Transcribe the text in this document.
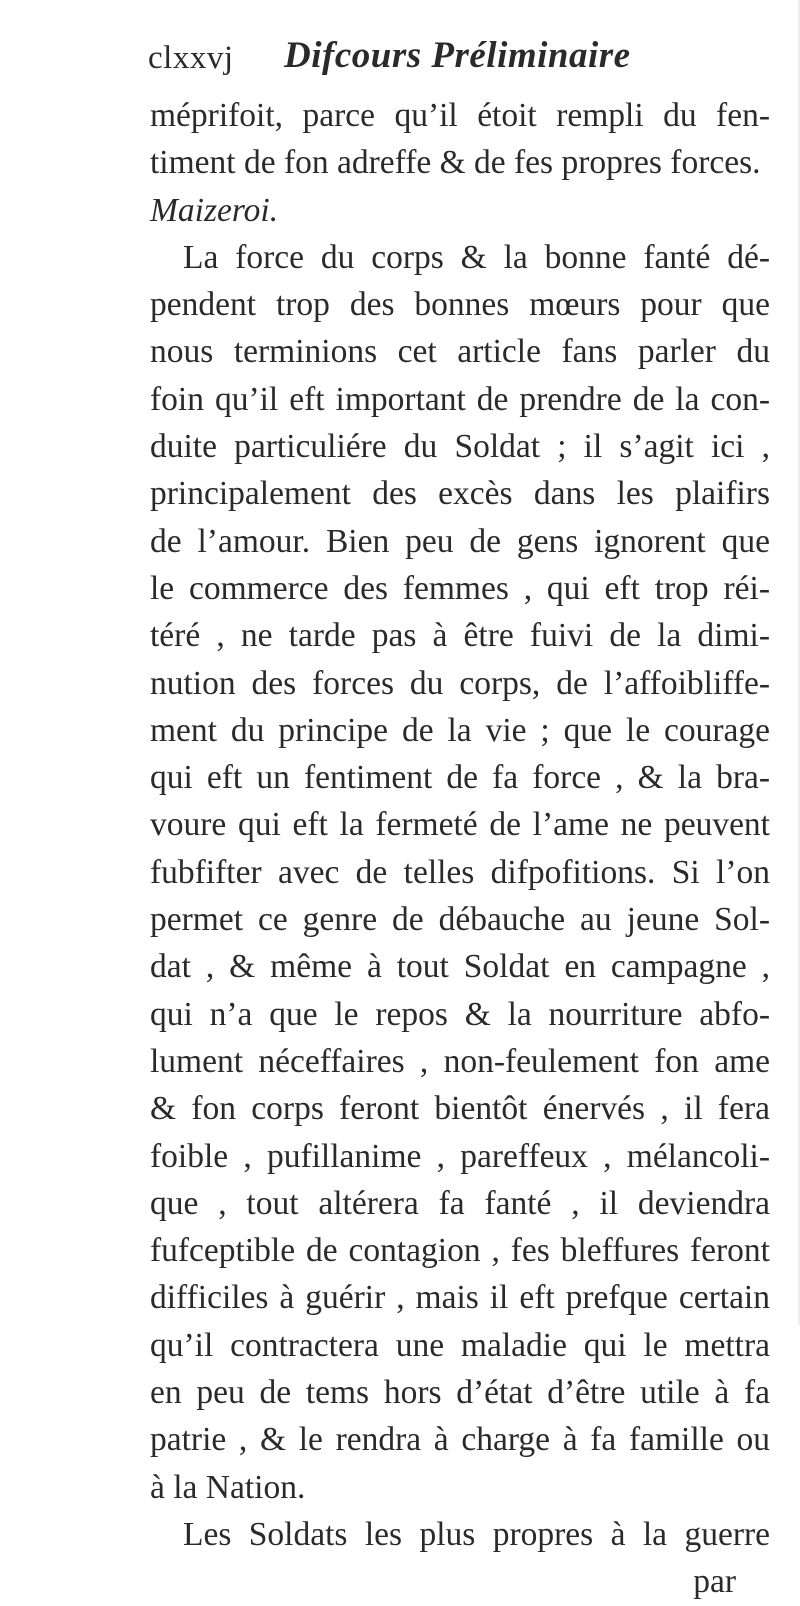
clxxvj Difcours Préliminaire
méprifoit, parce qu’il étoit rempli du fen-
timent de fon adreffe & de fes propres forces.
Maizeroi.
La force du corps & la bonne fanté dé-
pendent trop des bonnes mœurs pour que
nous terminions cet article fans parler du
foin qu’il eft important de prendre de la con-
duite particuliére du Soldat ; il s’agit ici ,
principalement des excès dans les plaifirs
de l’amour. Bien peu de gens ignorent que
le commerce des femmes , qui eft trop réi-
téré , ne tarde pas à être fuivi de la dimi-
nution des forces du corps, de l’affoibliffe-
ment du principe de la vie ; que le courage
qui eft un fentiment de fa force , & la bra-
voure qui eft la fermeté de l’ame ne peuvent
fubfifter avec de telles difpofitions. Si l’on
permet ce genre de débauche au jeune Sol-
dat , & même à tout Soldat en campagne ,
qui n’a que le repos & la nourriture abfo-
lument néceffaires , non-feulement fon ame
& fon corps feront bientôt énervés , il fera
foible , pufillanime , pareffeux , mélancoli-
que , tout altérera fa fanté , il deviendra
fufceptible de contagion , fes bleffures feront
difficiles à guérir , mais il eft prefque certain
qu’il contractera une maladie qui le mettra
en peu de tems hors d’état d’être utile à fa
patrie , & le rendra à charge à fa famille ou
à la Nation.
Les Soldats les plus propres à la guerre
par
